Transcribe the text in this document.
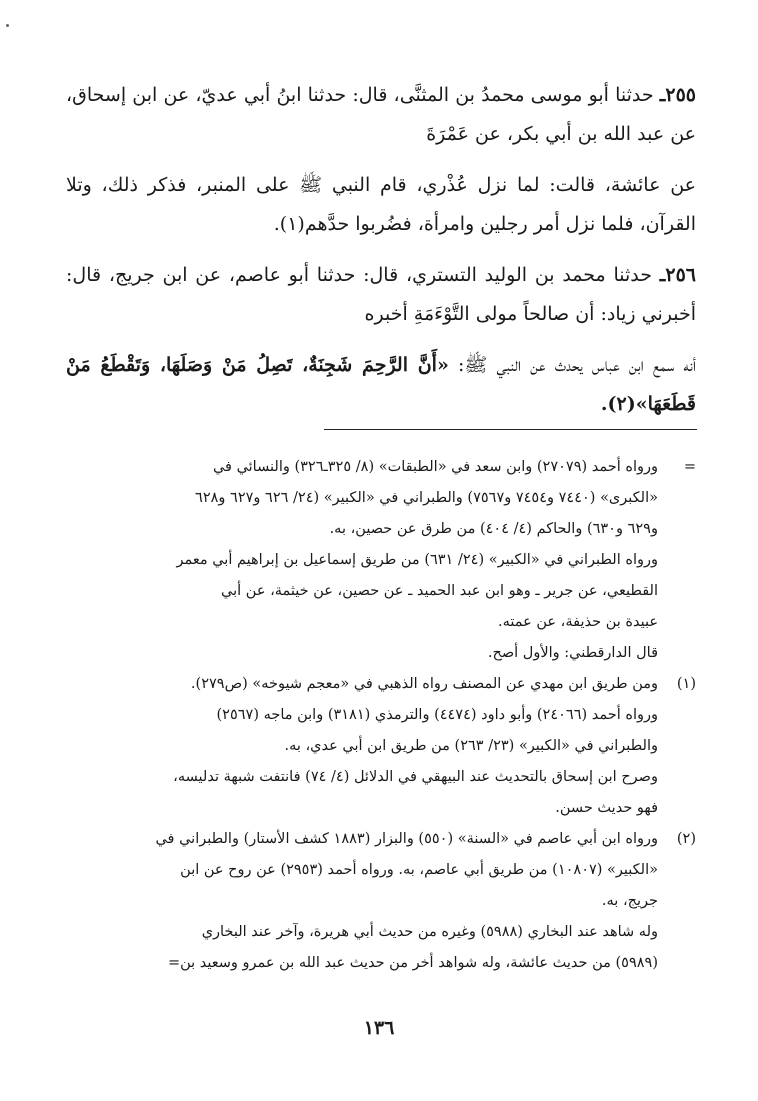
٢٥٥ـ حدثنا أبو موسى محمدُ بن المثنَّى، قال: حدثنا ابنُ أبي عديّ، عن ابن إسحاق، عن عبد الله بن أبي بكر، عن عَمْرَةَ

عن عائشة، قالت: لما نزل عُذْري، قام النبي ﷺ على المنبر، فذكر ذلك، وتلا القرآن، فلما نزل أمر رجلين وامرأة، فضُربوا حدَّهم(١).

٢٥٦ـ حدثنا محمد بن الوليد التستري، قال: حدثنا أبو عاصم، عن ابن جريج، قال: أخبرني زياد: أن صالحاً مولى التَّوْءَمَةِ أخبره

أنه سمع ابن عباس يحدث عن النبي ﷺ: «أَنَّ الرَّحِمَ شَجِنَةٌ، تَصِلُ مَنْ وَصَلَهَا، وَتَقْطَعُ مَنْ قَطَعَهَا»(٢).

=

ورواه أحمد (٢٧٠٧٩) وابن سعد في «الطبقات» (٨/ ٣٢٥ـ٣٢٦) والنسائي في

«الكبرى» (٧٤٤٠ و٧٤٥٤ و٧٥٦٧) والطبراني في «الكبير» (٢٤/ ٦٢٦ و٦٢٧ و٦٢٨

و٦٢٩ و٦٣٠) والحاكم (٤/ ٤٠٤) من طرق عن حصين، به.

ورواه الطبراني في «الكبير» (٢٤/ ٦٣١) من طريق إسماعيل بن إبراهيم أبي معمر

القطيعي، عن جرير ـ وهو ابن عبد الحميد ـ عن حصين، عن خيثمة، عن أبي

عبيدة بن حذيفة، عن عمته.

قال الدارقطني: والأول أصح.

(١)

ومن طريق ابن مهدي عن المصنف رواه الذهبي في «معجم شيوخه» (ص٢٧٩).

ورواه أحمد (٢٤٠٦٦) وأبو داود (٤٤٧٤) والترمذي (٣١٨١) وابن ماجه (٢٥٦٧)

والطبراني في «الكبير» (٢٣/ ٢٦٣) من طريق ابن أبي عدي، به.

وصرح ابن إسحاق بالتحديث عند البيهقي في الدلائل (٤/ ٧٤) فانتفت شبهة تدليسه،

فهو حديث حسن.

(٢)

ورواه ابن أبي عاصم في «السنة» (٥٥٠) والبزار (١٨٨٣ كشف الأستار) والطبراني في

«الكبير» (١٠٨٠٧) من طريق أبي عاصم، به. ورواه أحمد (٢٩٥٣) عن روح عن ابن

جريج، به.

وله شاهد عند البخاري (٥٩٨٨) وغيره من حديث أبي هريرة، وآخر عند البخاري

(٥٩٨٩) من حديث عائشة، وله شواهد أخر من حديث عبد الله بن عمرو وسعيد بن=

١٣٦
